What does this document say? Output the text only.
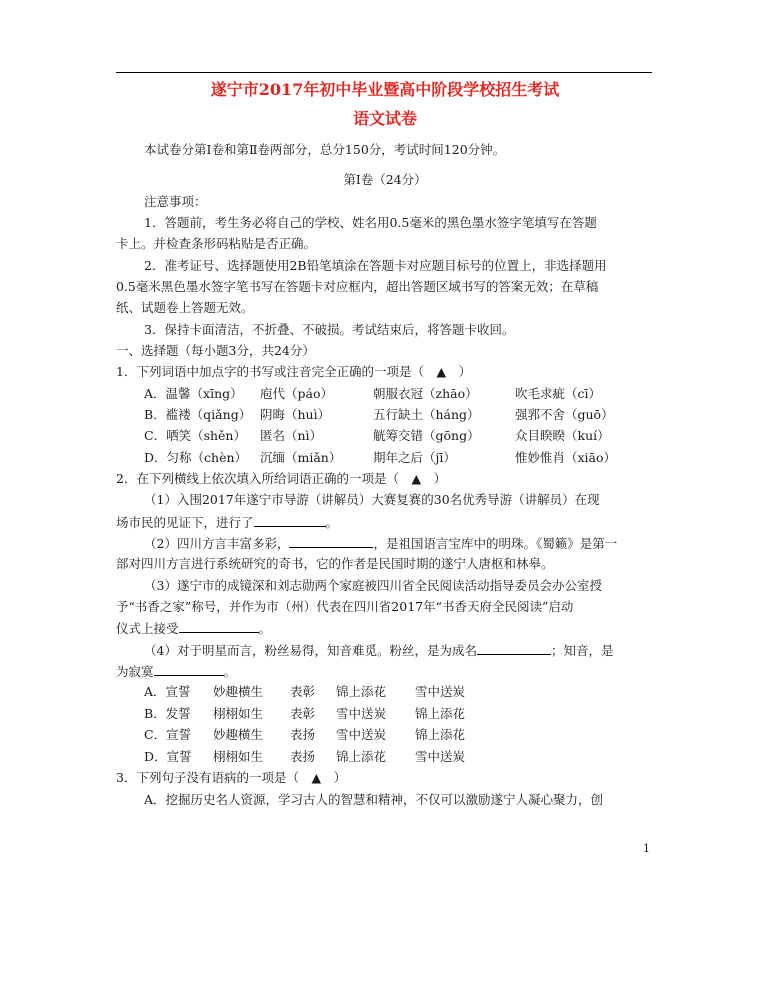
遂宁市2017年初中毕业暨高中阶段学校招生考试
语文试卷
本试卷分第Ⅰ卷和第Ⅱ卷两部分，总分150分，考试时间120分钟。
第Ⅰ卷（24分）
注意事项：
1．答题前，考生务必将自己的学校、姓名用0.5毫米的黑色墨水签字笔填写在答题
卡上。并检查条形码粘贴是否正确。
2．准考证号、选择题使用2B铅笔填涂在答题卡对应题目标号的位置上，非选择题用
0.5毫米黑色墨水签字笔书写在答题卡对应框内，超出答题区域书写的答案无效；在草稿
纸、试题卷上答题无效。
3．保持卡面清洁，不折叠、不破损。考试结束后，将答题卡收回。
一、选择题（每小题3分，共24分）
1．下列词语中加点字的书写或注音完全正确的一项是（　▲　）
A．温馨（xīng） 庖代（páo）	朝服衣冠（zhāo）	吹毛求疵（cī）
B．褴褛（qiǎng） 阴晦（huì）	五行缺土（háng）	强郛不舍（guō）
C．哂笑（shěn） 匿名（nì）	觥筹交错（gōng）	众目睽睽（kuí）
D．匀称（chèn） 沉缅（miǎn）	期年之后（jī）	惟妙惟肖（xiāo）
2．在下列横线上依次填入所给词语正确的一项是（　▲　）
（1）入围2017年遂宁市导游（讲解员）大赛复赛的30名优秀导游（讲解员）在现
场市民的见证下，进行了	。
（2）四川方言丰富多彩，	，是祖国语言宝库中的明珠。《蜀籁》是第一
部对四川方言进行系统研究的奇书，它的作者是民国时期的遂宁人唐枢和林皋。
（3）遂宁市的成镜深和刘志勋两个家庭被四川省全民阅读活动指导委员会办公室授
予“书香之家”称号，并作为市（州）代表在四川省2017年“书香天府全民阅读”启动
仪式上接受	。
（4）对于明星而言，粉丝易得，知音难觅。粉丝，是为成名	；知音，是
为寂寞	。
A．宣誓 妙趣横生 表彰 锦上添花 雪中送炭
B．发誓 栩栩如生 表彰 雪中送炭 锦上添花
C．宣誓 妙趣横生 表扬 雪中送炭 锦上添花
D．宣誓 栩栩如生 表扬 锦上添花 雪中送炭
3．下列句子没有语病的一项是（　▲　）
A．挖掘历史名人资源，学习古人的智慧和精神，不仅可以激励遂宁人凝心聚力，创
1
